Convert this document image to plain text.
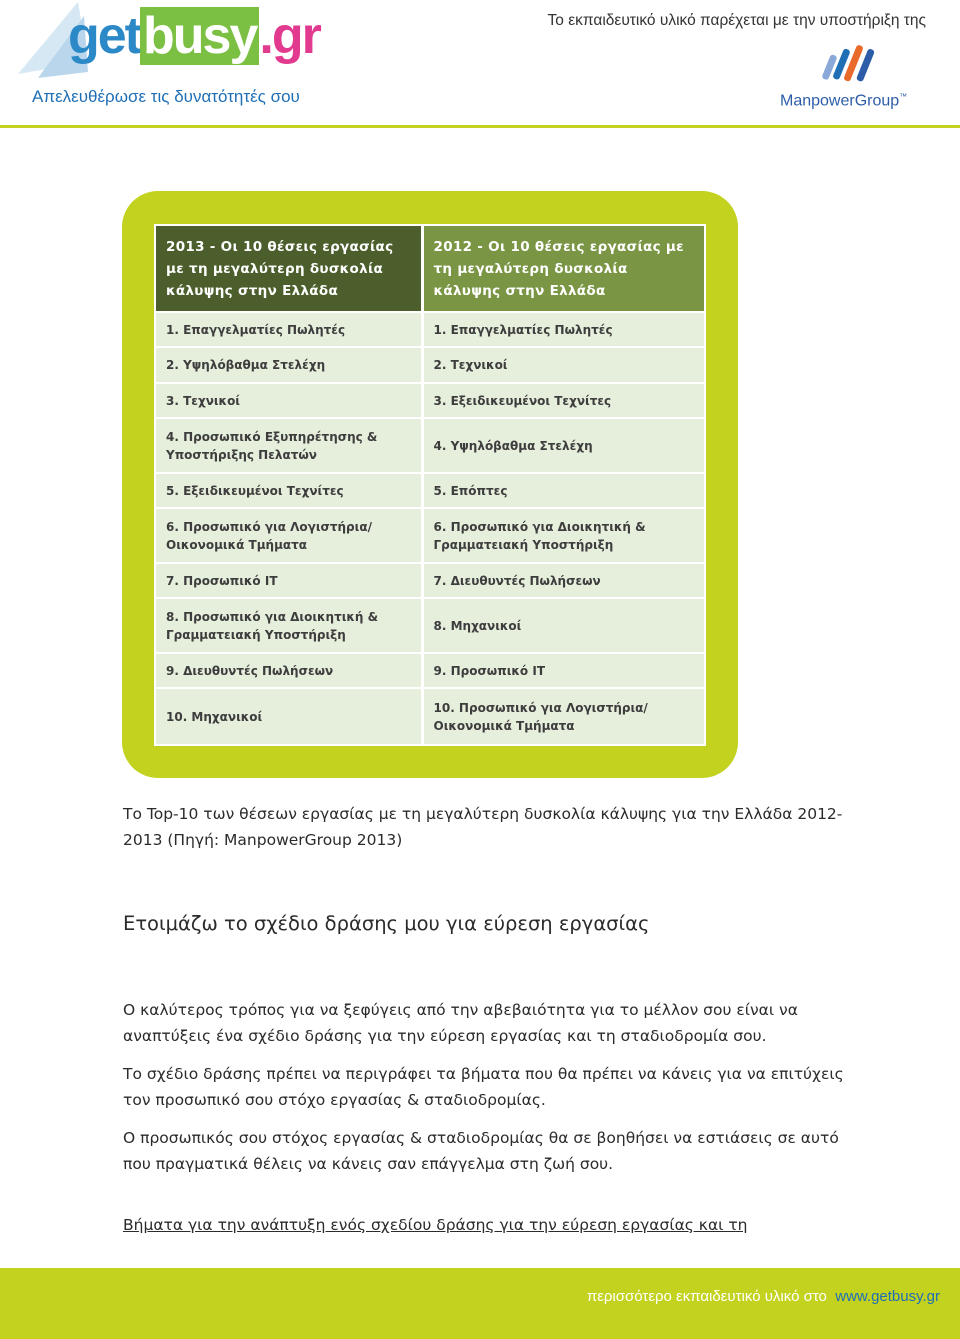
getbusy.gr
Απελευθέρωσε τις δυνατότητές σου
Το εκπαιδευτικό υλικό παρέχεται με την υποστήριξη της
ManpowerGroup™
2013 - Οι 10 θέσεις εργασίας με τη μεγαλύτερη δυσκολία κάλυψης στην Ελλάδα	2012 - Οι 10 θέσεις εργασίας με τη μεγαλύτερη δυσκολία κάλυψης στην Ελλάδα
1. Επαγγελματίες Πωλητές	1. Επαγγελματίες Πωλητές
2. Υψηλόβαθμα Στελέχη	2. Τεχνικοί
3. Τεχνικοί	3. Εξειδικευμένοι Τεχνίτες
4. Προσωπικό Εξυπηρέτησης & Υποστήριξης Πελατών	4. Υψηλόβαθμα Στελέχη
5. Εξειδικευμένοι Τεχνίτες	5. Επόπτες
6. Προσωπικό για Λογιστήρια/Οικονομικά Τμήματα	6. Προσωπικό για Διοικητική & Γραμματειακή Υποστήριξη
7. Προσωπικό IT	7. Διευθυντές Πωλήσεων
8. Προσωπικό για Διοικητική & Γραμματειακή Υποστήριξη	8. Μηχανικοί
9. Διευθυντές Πωλήσεων	9. Προσωπικό IT
10. Μηχανικοί	10. Προσωπικό για Λογιστήρια/Οικονομικά Τμήματα
Το Top-10 των θέσεων εργασίας με τη μεγαλύτερη δυσκολία κάλυψης για την Ελλάδα 2012-2013 (Πηγή: ManpowerGroup 2013)
Ετοιμάζω το σχέδιο δράσης μου για εύρεση εργασίας
Ο καλύτερος τρόπος για να ξεφύγεις από την αβεβαιότητα για το μέλλον σου είναι να αναπτύξεις ένα σχέδιο δράσης για την εύρεση εργασίας και τη σταδιοδρομία σου.
Το σχέδιο δράσης πρέπει να περιγράφει τα βήματα που θα πρέπει να κάνεις για να επιτύχεις τον προσωπικό σου στόχο εργασίας & σταδιοδρομίας.
Ο προσωπικός σου στόχος εργασίας & σταδιοδρομίας θα σε βοηθήσει να εστιάσεις σε αυτό που πραγματικά θέλεις να κάνεις σαν επάγγελμα στη ζωή σου.
Βήματα για την ανάπτυξη ενός σχεδίου δράσης για την εύρεση εργασίας και τη
περισσότερο εκπαιδευτικό υλικό στο www.getbusy.gr
